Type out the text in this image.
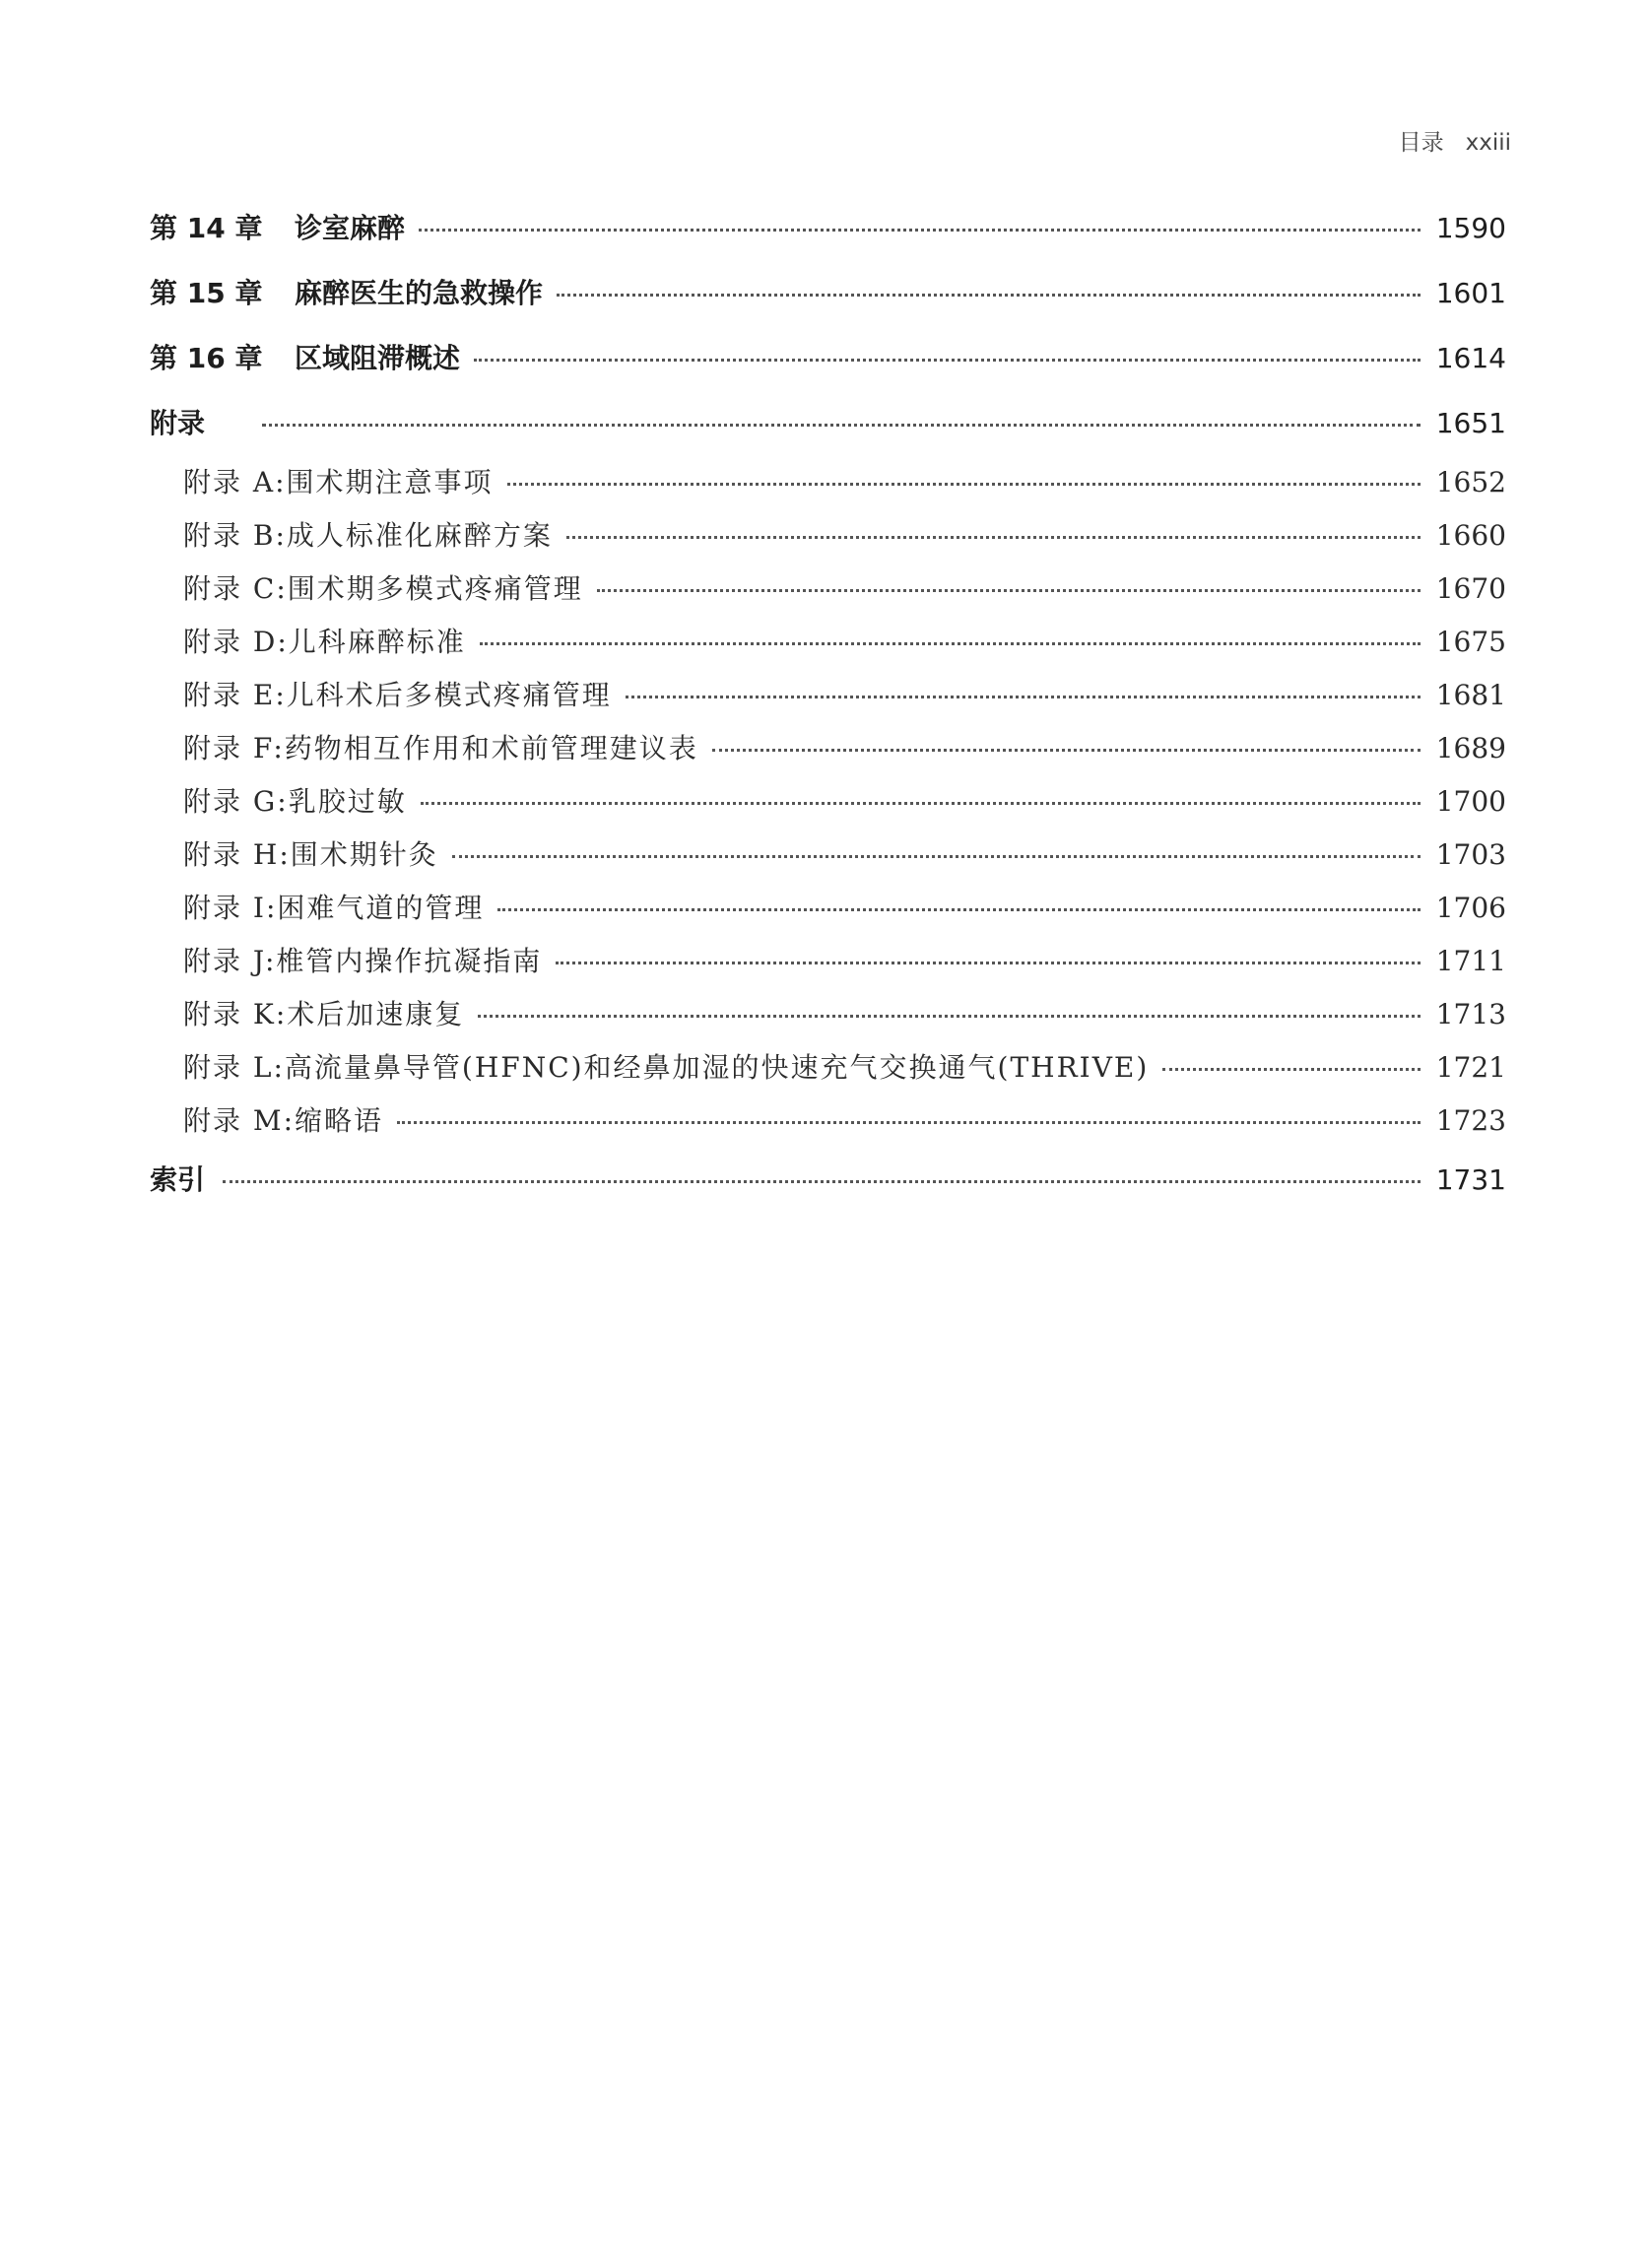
目录 xxiii
第 14 章	诊室麻醉	1590
第 15 章	麻醉医生的急救操作	1601
第 16 章	区域阻滞概述	1614
附录	1651
附录 A:围术期注意事项	1652
附录 B:成人标准化麻醉方案	1660
附录 C:围术期多模式疼痛管理	1670
附录 D:儿科麻醉标准	1675
附录 E:儿科术后多模式疼痛管理	1681
附录 F:药物相互作用和术前管理建议表	1689
附录 G:乳胶过敏	1700
附录 H:围术期针灸	1703
附录 I:困难气道的管理	1706
附录 J:椎管内操作抗凝指南	1711
附录 K:术后加速康复	1713
附录 L:高流量鼻导管(HFNC)和经鼻加湿的快速充气交换通气(THRIVE)	1721
附录 M:缩略语	1723
索引	1731
